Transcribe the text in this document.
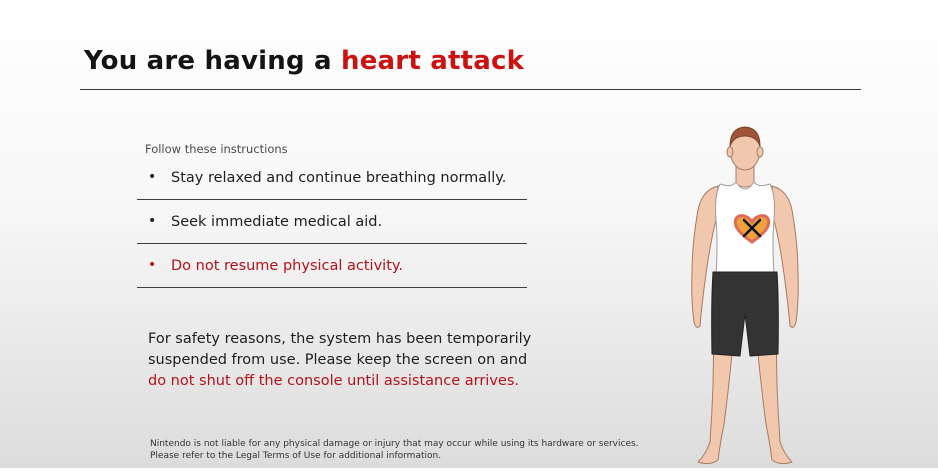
You are having a heart attack
Follow these instructions
• Stay relaxed and continue breathing normally.
• Seek immediate medical aid.
• Do not resume physical activity.
For safety reasons, the system has been temporarily
suspended from use. Please keep the screen on and
do not shut off the console until assistance arrives.
Nintendo is not liable for any physical damage or injury that may occur while using its hardware or services.
Please refer to the Legal Terms of Use for additional information.
